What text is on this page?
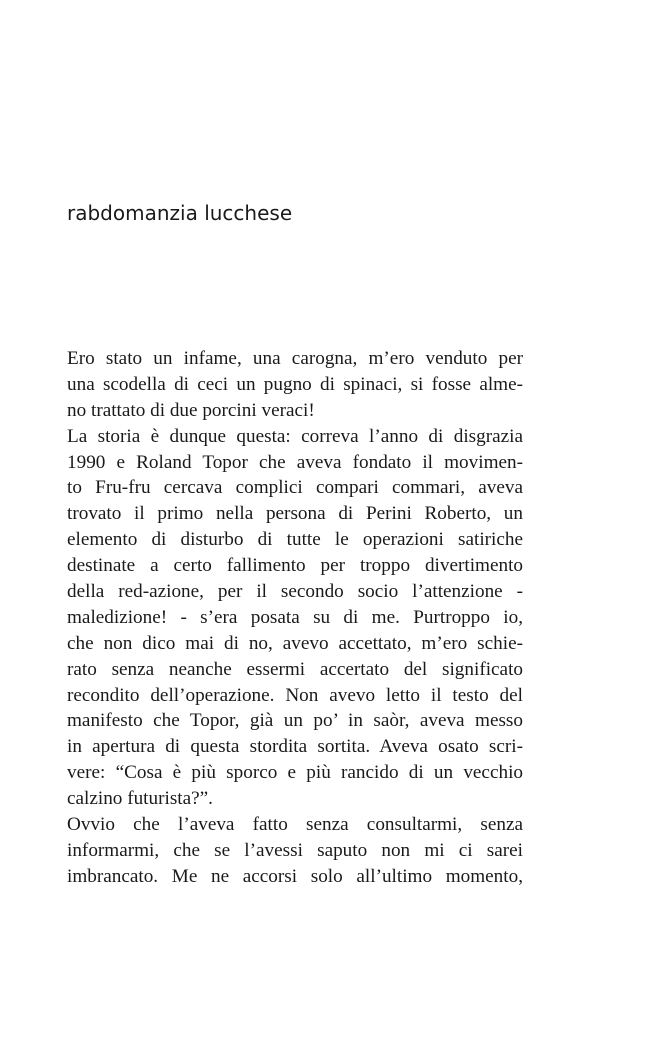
rabdomanzia lucchese
Ero stato un infame, una carogna, m’ero venduto per
una scodella di ceci un pugno di spinaci, si fosse alme-
no trattato di due porcini veraci!
La storia è dunque questa: correva l’anno di disgrazia
1990 e Roland Topor che aveva fondato il movimen-
to Fru-fru cercava complici compari commari, aveva
trovato il primo nella persona di Perini Roberto, un
elemento di disturbo di tutte le operazioni satiriche
destinate a certo fallimento per troppo divertimento
della red-azione, per il secondo socio l’attenzione -
maledizione! - s’era posata su di me. Purtroppo io,
che non dico mai di no, avevo accettato, m’ero schie-
rato senza neanche essermi accertato del significato
recondito dell’operazione. Non avevo letto il testo del
manifesto che Topor, già un po’ in saòr, aveva messo
in apertura di questa stordita sortita. Aveva osato scri-
vere: “Cosa è più sporco e più rancido di un vecchio
calzino futurista?”.
Ovvio che l’aveva fatto senza consultarmi, senza
informarmi, che se l’avessi saputo non mi ci sarei
imbrancato. Me ne accorsi solo all’ultimo momento,
